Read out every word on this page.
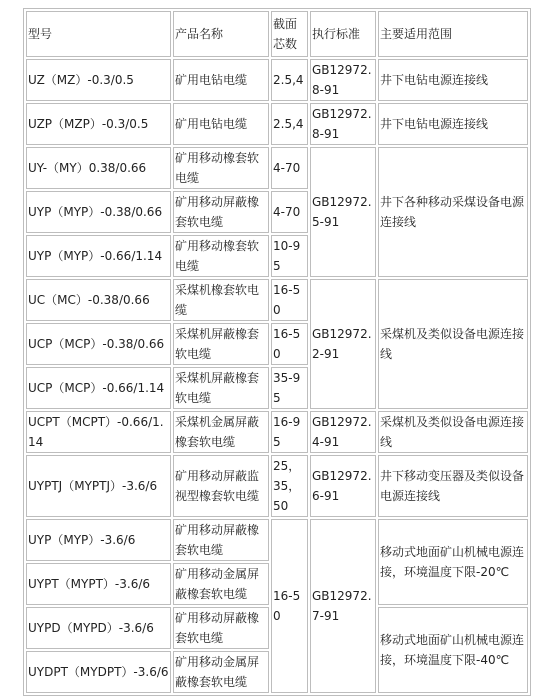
型号	产品名称	截面芯数	执行标准	主要适用范围
UZ（MZ）-0.3/0.5	矿用电钻电缆	2.5,4	GB12972.8-91	井下电钻电源连接线
UZP（MZP）-0.3/0.5	矿用电钻电缆	2.5,4	GB12972.8-91	井下电钻电源连接线
UY-（MY）0.38/0.66	矿用移动橡套软电缆	4-70	GB12972.5-91	井下各种移动采煤设备电源连接线
UYP（MYP）-0.38/0.66	矿用移动屏蔽橡套软电缆	4-70		
UYP（MYP）-0.66/1.14	矿用移动橡套软电缆	10-95		
UC（MC）-0.38/0.66	采煤机橡套软电缆	16-50	GB12972.2-91	采煤机及类似设备电源连接线
UCP（MCP）-0.38/0.66	采煤机屏蔽橡套软电缆	16-50		
UCP（MCP）-0.66/1.14	采煤机屏蔽橡套软电缆	35-95		
UCPT（MCPT）-0.66/1.14	采煤机金属屏蔽橡套软电缆	16-95	GB12972.4-91	采煤机及类似设备电源连接线
UYPTJ（MYPTJ）-3.6/6	矿用移动屏蔽监视型橡套软电缆	25，35，50	GB12972.6-91	井下移动变压器及类似设备电源连接线
UYP（MYP）-3.6/6	矿用移动屏蔽橡套软电缆	16-50	GB12972.7-91	移动式地面矿山机械电源连接，环境温度下限-20℃
UYPT（MYPT）-3.6/6	矿用移动金属屏蔽橡套软电缆			
UYPD（MYPD）-3.6/6	矿用移动屏蔽橡套软电缆			移动式地面矿山机械电源连接，环境温度下限-40℃
UYDPT（MYDPT）-3.6/6	矿用移动金属屏蔽橡套软电缆			
